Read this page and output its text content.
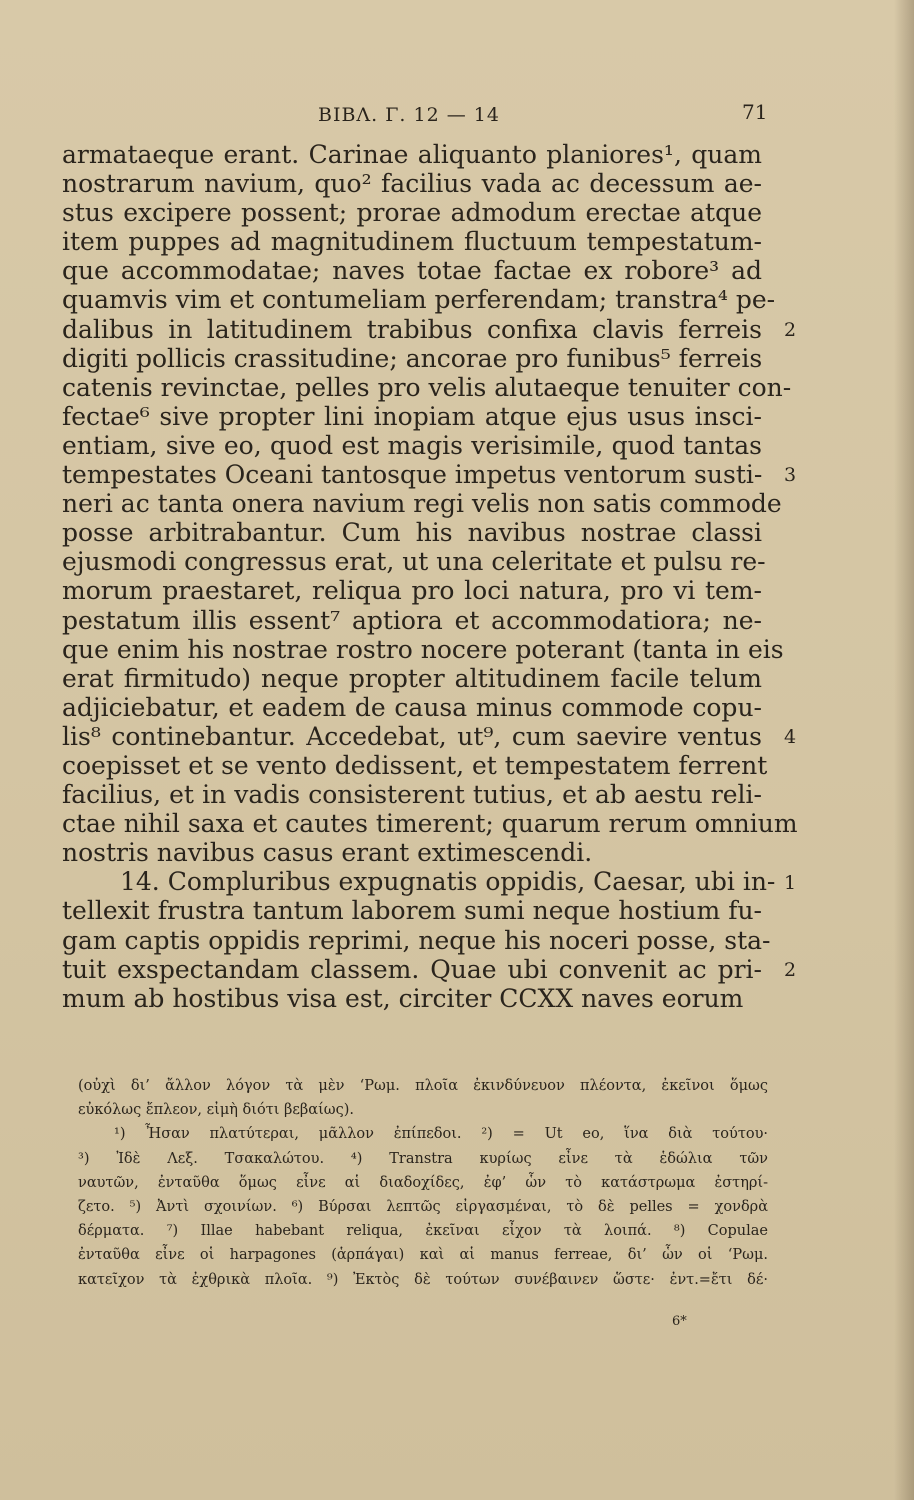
ΒΙΒΛ. Γ. 12 — 14	71
armataeque erant. Carinae aliquanto planiores¹, quam
nostrarum navium, quo² facilius vada ac decessum ae-
stus excipere possent; prorae admodum erectae atque
item puppes ad magnitudinem fluctuum tempestatum-
que accommodatae; naves totae factae ex robore³ ad
quamvis vim et contumeliam perferendam; transtra⁴ pe-
dalibus in latitudinem trabibus confixa clavis ferreis
digiti pollicis crassitudine; ancorae pro funibus⁵ ferreis
catenis revinctae, pelles pro velis alutaeque tenuiter con-
fectae⁶ sive propter lini inopiam atque ejus usus insci-
entiam, sive eo, quod est magis verisimile, quod tantas
tempestates Oceani tantosque impetus ventorum susti-
neri ac tanta onera navium regi velis non satis commode
posse arbitrabantur. Cum his navibus nostrae classi
ejusmodi congressus erat, ut una celeritate et pulsu re-
morum praestaret, reliqua pro loci natura, pro vi tem-
pestatum illis essent⁷ aptiora et accommodatiora; ne-
que enim his nostrae rostro nocere poterant (tanta in eis
erat firmitudo) neque propter altitudinem facile telum
adjiciebatur, et eadem de causa minus commode copu-
lis⁸ continebantur. Accedebat, ut⁹, cum saevire ventus
coepisset et se vento dedissent, et tempestatem ferrent
facilius, et in vadis consisterent tutius, et ab aestu reli-
ctae nihil saxa et cautes timerent; quarum rerum omnium
nostris navibus casus erant extimescendi.
14. Compluribus expugnatis oppidis, Caesar, ubi in-
tellexit frustra tantum laborem sumi neque hostium fu-
gam captis oppidis reprimi, neque his noceri posse, sta-
tuit exspectandam classem. Quae ubi convenit ac pri-
mum ab hostibus visa est, circiter CCXX naves eorum
2
3
4
1
2
(οὐχὶ δι’ ἄλλον λόγον τὰ μὲν ‘Ρωμ. πλοῖα ἐκινδύνευον πλέοντα, ἐκεῖνοι ὅμως
εὐκόλως ἔπλεον, εἰμὴ διότι βεβαίως).
¹) Ἦσαν πλατύτεραι, μᾶλλον ἐπίπεδοι. ²) = Ut eo, ἵνα διὰ τούτου·
³) Ἰδὲ Λεξ. Τσακαλώτου. ⁴) Transtra κυρίως εἶνε τὰ ἑδώλια τῶν
ναυτῶν, ἐνταῦθα ὅμως εἶνε αἱ διαδοχίδες, ἐφ’ ὧν τὸ κατάστρωμα ἐστηρί-
ζετο. ⁵) Ἀντὶ σχοινίων. ⁶) Βύρσαι λεπτῶς εἰργασμέναι, τὸ δὲ pelles = χονδρὰ
δέρματα. ⁷) Illae habebant reliqua, ἐκεῖναι εἶχον τὰ λοιπά. ⁸) Copulae
ἐνταῦθα εἶνε οἱ harpagones (ἁρπάγαι) καὶ αἱ manus ferreae, δι’ ὧν οἱ ‘Ρωμ.
κατεῖχον τὰ ἐχθρικὰ πλοῖα. ⁹) Ἐκτὸς δὲ τούτων συνέβαινεν ὥστε· ἐντ.=ἔτι δέ·
6*
